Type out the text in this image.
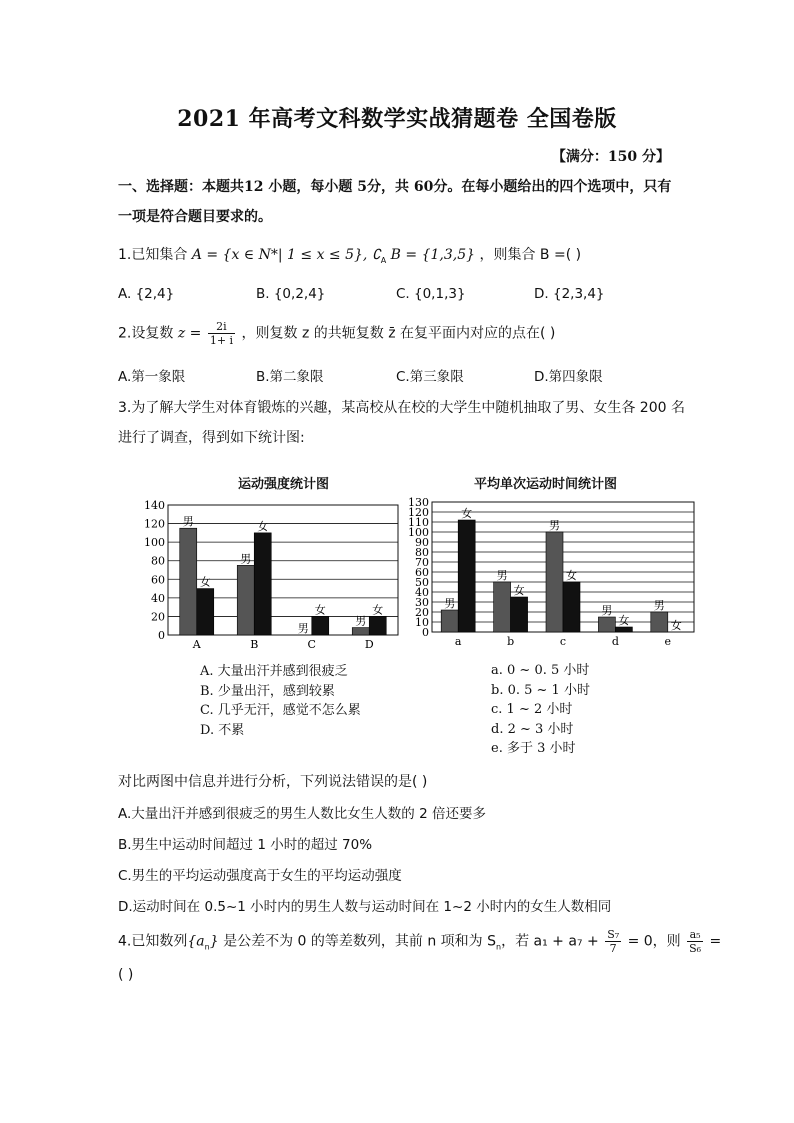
2021 年高考文科数学实战猜题卷 全国卷版
【满分：150 分】
一、选择题：本题共12 小题，每小题 5分，共 60分。在每小题给出的四个选项中，只有
一项是符合题目要求的。
1.已知集合 A = {x ∈ N*| 1 ≤ x ≤ 5}, $∁_A$ B = {1,3,5} ，则集合 B =( )
A. {2,4}	B. {0,2,4}	C. {0,1,3}	D. {2,3,4}
2.设复数 $z = \frac{2i}{1+ i}$ ，则复数 z 的共轭复数 z̄ 在复平面内对应的点在( )
A.第一象限	B.第二象限	C.第三象限	D.第四象限
3.为了解大学生对体育锻炼的兴趣，某高校从在校的大学生中随机抽取了男、女生各 200 名
进行了调查，得到如下统计图:
运动强度统计图
0
20
40
60
80
100
120
140
男
女
A
男
女
B
男
女
C
男
女
D
A. 大量出汗并感到很疲乏
B. 少量出汗，感到较累
C. 几乎无汗，感觉不怎么累
D. 不累
平均单次运动时间统计图
0
10
20
30
40
50
60
70
80
90
100
110
120
130
男
女
a
男
女
b
男
女
c
男
女
d
男
女
e
a. 0 ~ 0. 5 小时
b. 0. 5 ~ 1 小时
c. 1 ~ 2 小时
d. 2 ~ 3 小时
e. 多于 3 小时
对比两图中信息并进行分析，下列说法错误的是( )
A.大量出汗并感到很疲乏的男生人数比女生人数的 2 倍还要多
B.男生中运动时间超过 1 小时的超过 70%
C.男生的平均运动强度高于女生的平均运动强度
D.运动时间在 0.5~1 小时内的男生人数与运动时间在 1~2 小时内的女生人数相同
4.已知数列$\{a_n\}$ 是公差不为 0 的等差数列，其前 n 项和为 $S_n$，若 $a_1 + a_7 + \frac{\text{S₇}}{7} = 0$，则 $\frac{\text{a₅}}{\text{S₆}}$ =
( )
